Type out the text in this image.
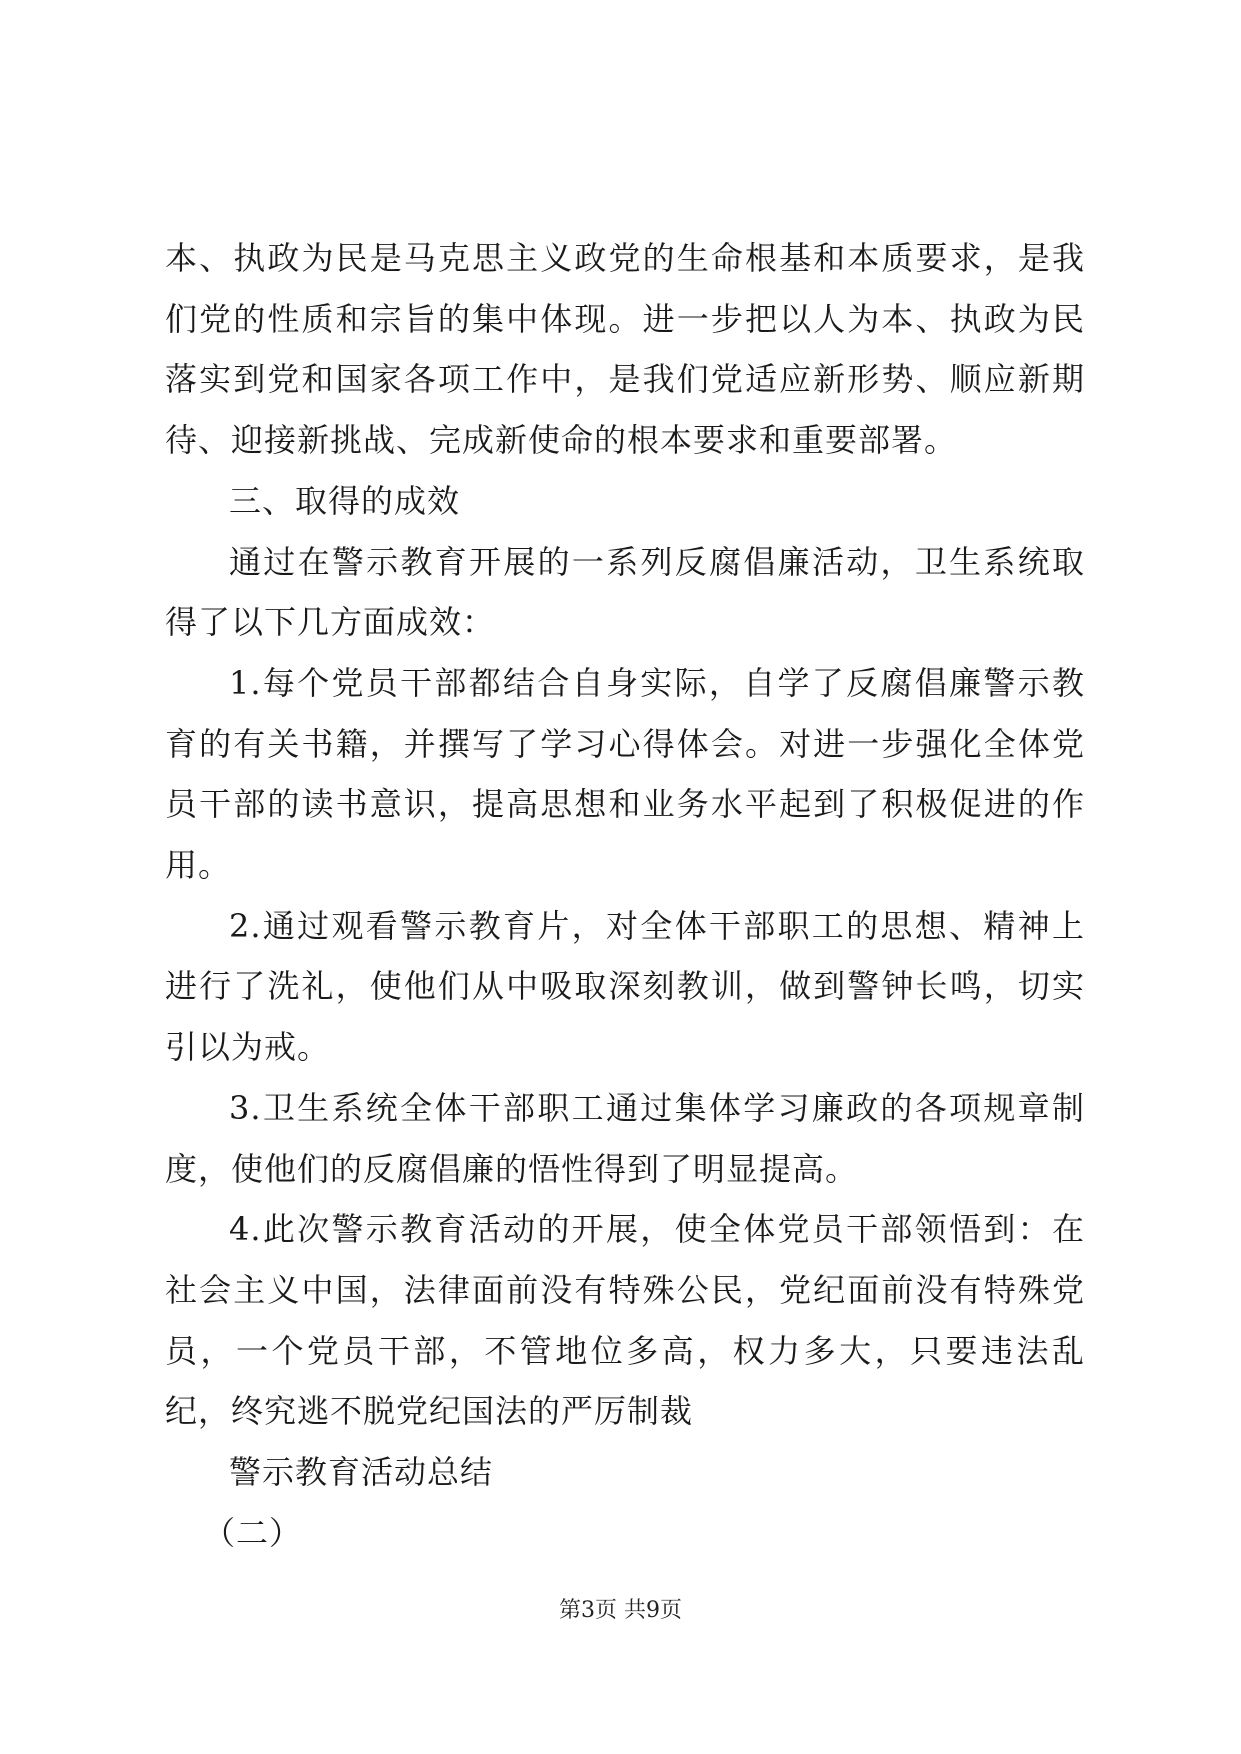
本、执政为民是马克思主义政党的生命根基和本质要求，是我们党的性质和宗旨的集中体现。进一步把以人为本、执政为民落实到党和国家各项工作中，是我们党适应新形势、顺应新期待、迎接新挑战、完成新使命的根本要求和重要部署。

三、取得的成效

通过在警示教育开展的一系列反腐倡廉活动，卫生系统取得了以下几方面成效：

1.每个党员干部都结合自身实际，自学了反腐倡廉警示教育的有关书籍，并撰写了学习心得体会。对进一步强化全体党员干部的读书意识，提高思想和业务水平起到了积极促进的作用。

2.通过观看警示教育片，对全体干部职工的思想、精神上进行了洗礼，使他们从中吸取深刻教训，做到警钟长鸣，切实引以为戒。

3.卫生系统全体干部职工通过集体学习廉政的各项规章制度，使他们的反腐倡廉的悟性得到了明显提高。

4.此次警示教育活动的开展，使全体党员干部领悟到：在社会主义中国，法律面前没有特殊公民，党纪面前没有特殊党员，一个党员干部，不管地位多高，权力多大，只要违法乱纪，终究逃不脱党纪国法的严厉制裁

警示教育活动总结

（二）

第3页 共9页
